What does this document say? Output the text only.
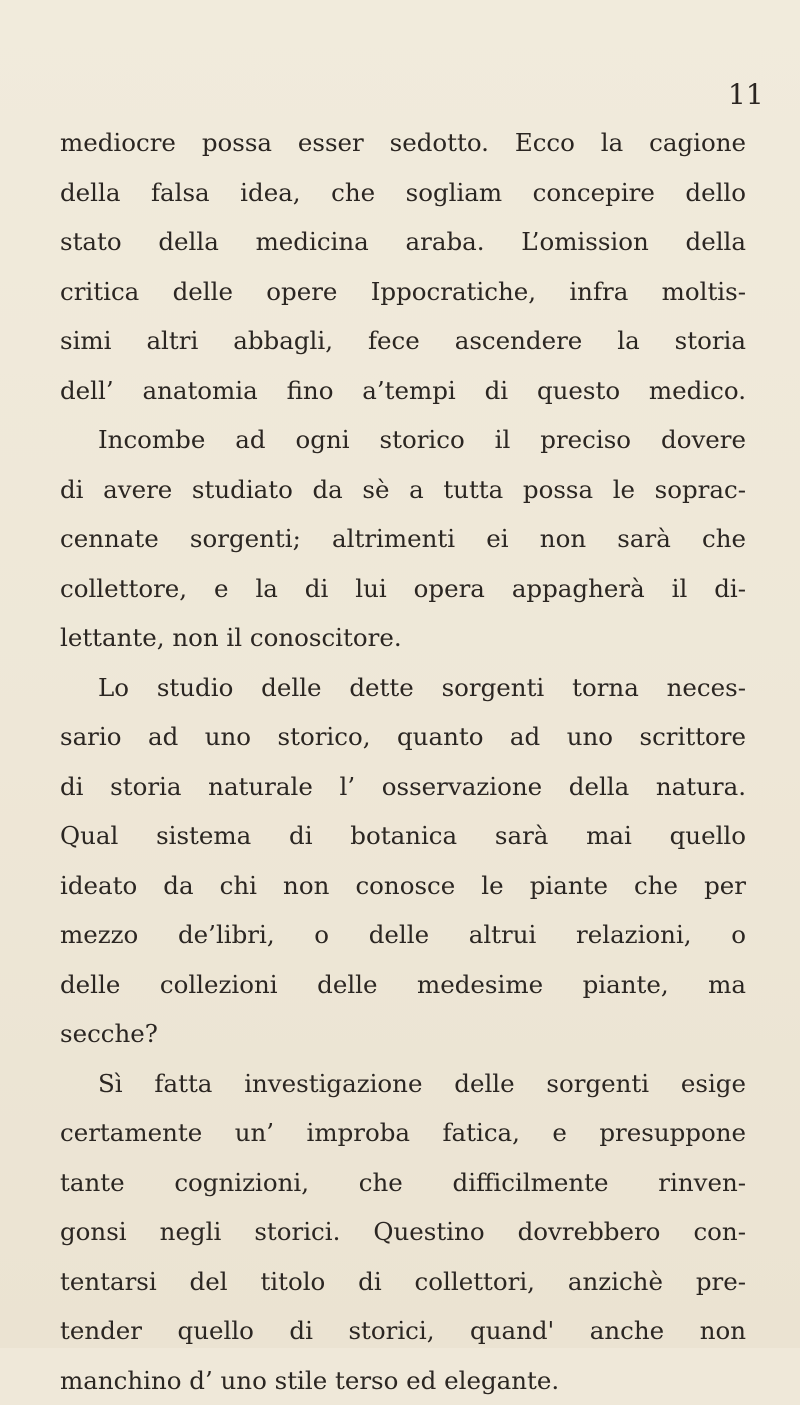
11
mediocre possa esser sedotto. Ecco la cagione
della falsa idea, che sogliam concepire dello
stato della medicina araba. L’omission della
critica delle opere Ippocratiche, infra moltis-
simi altri abbagli, fece ascendere la storia
dell’ anatomia fino a’tempi di questo medico.
Incombe ad ogni storico il preciso dovere
di avere studiato da sè a tutta possa le soprac-
cennate sorgenti; altrimenti ei non sarà che
collettore, e la di lui opera appagherà il di-
lettante, non il conoscitore.
Lo studio delle dette sorgenti torna neces-
sario ad uno storico, quanto ad uno scrittore
di storia naturale l’ osservazione della natura.
Qual sistema di botanica sarà mai quello
ideato da chi non conosce le piante che per
mezzo de’libri, o delle altrui relazioni, o
delle collezioni delle medesime piante, ma
secche?
Sì fatta investigazione delle sorgenti esige
certamente un’ improba fatica, e presuppone
tante cognizioni, che difficilmente rinven-
gonsi negli storici. Questino dovrebbero con-
tentarsi del titolo di collettori, anzichè pre-
tender quello di storici, quand' anche non
manchino d’ uno stile terso ed elegante.
